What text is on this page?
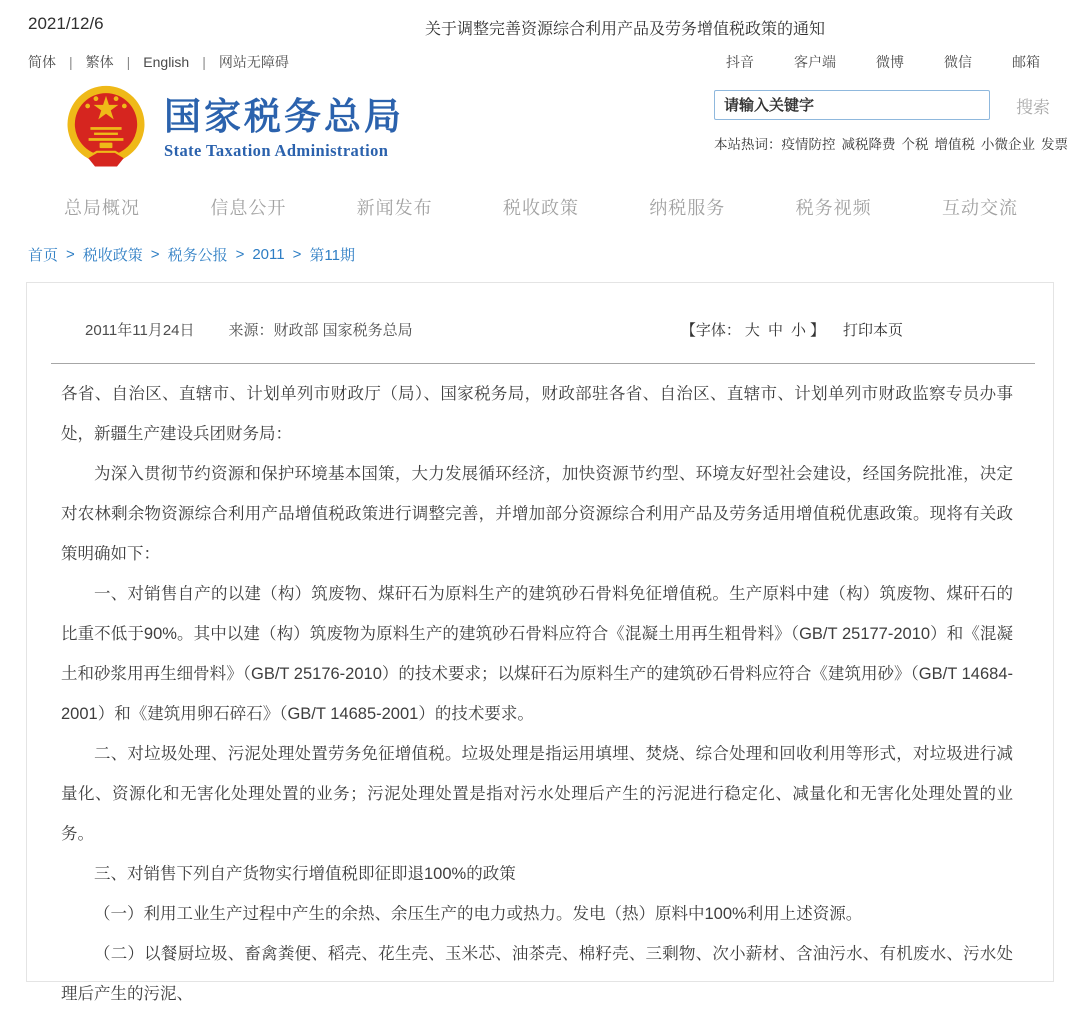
2021/12/6	关于调整完善资源综合利用产品及劳务增值税政策的通知
简体 | 繁体 | English | 网站无障碍	抖音	客户端	微博	微信	邮箱
国家税务总局
State Taxation Administration
请输入关键字
搜索
本站热词：疫情防控 减税降费 个税 增值税 小微企业 发票
总局概况	信息公开	新闻发布	税收政策	纳税服务	税务视频	互动交流
首页 > 税收政策 > 税务公报 > 2011 > 第11期
2011年11月24日 来源：财政部 国家税务总局	【字体： 大 中 小 】 打印本页

各省、自治区、直辖市、计划单列市财政厅（局）、国家税务局，财政部驻各省、自治区、直辖市、计划单列市财政监察专员办事处，新疆生产建设兵团财务局：

为深入贯彻节约资源和保护环境基本国策，大力发展循环经济，加快资源节约型、环境友好型社会建设，经国务院批准，决定对农林剩余物资源综合利用产品增值税政策进行调整完善，并增加部分资源综合利用产品及劳务适用增值税优惠政策。现将有关政策明确如下：

一、对销售自产的以建（构）筑废物、煤矸石为原料生产的建筑砂石骨料免征增值税。生产原料中建（构）筑废物、煤矸石的比重不低于90%。其中以建（构）筑废物为原料生产的建筑砂石骨料应符合《混凝土用再生粗骨料》（GB/T 25177-2010）和《混凝土和砂浆用再生细骨料》（GB/T 25176-2010）的技术要求；以煤矸石为原料生产的建筑砂石骨料应符合《建筑用砂》（GB/T 14684-2001）和《建筑用卵石碎石》（GB/T 14685-2001）的技术要求。

二、对垃圾处理、污泥处理处置劳务免征增值税。垃圾处理是指运用填埋、焚烧、综合处理和回收利用等形式，对垃圾进行减量化、资源化和无害化处理处置的业务；污泥处理处置是指对污水处理后产生的污泥进行稳定化、减量化和无害化处理处置的业务。

三、对销售下列自产货物实行增值税即征即退100%的政策

（一）利用工业生产过程中产生的余热、余压生产的电力或热力。发电（热）原料中100%利用上述资源。

（二）以餐厨垃圾、畜禽粪便、稻壳、花生壳、玉米芯、油茶壳、棉籽壳、三剩物、次小薪材、含油污水、有机废水、污水处理后产生的污泥、
